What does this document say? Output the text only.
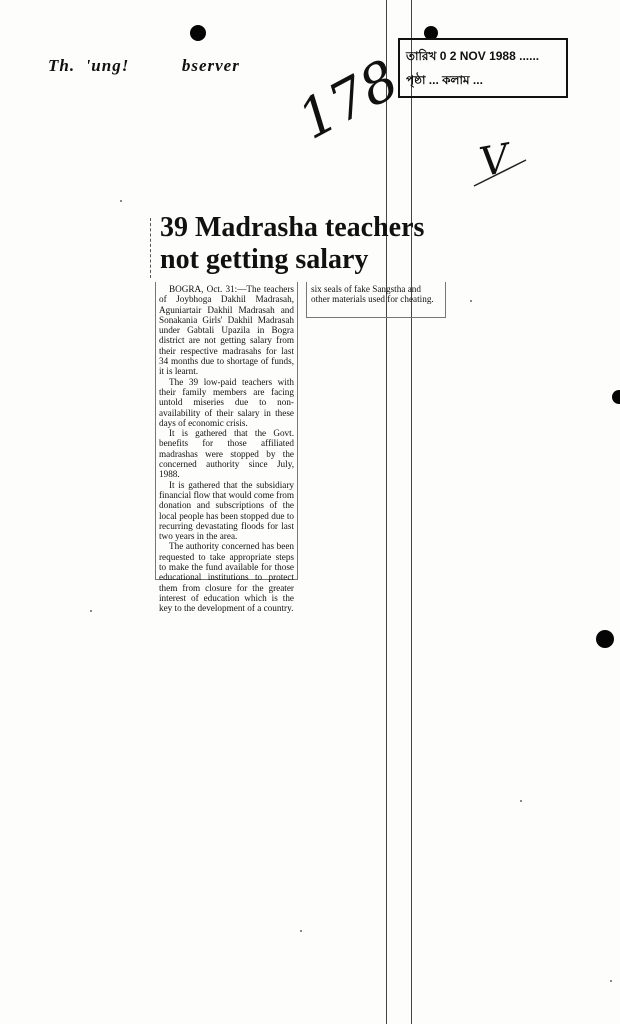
Th.  'ung!          bserver	তারিখ 0 2 NOV 1988 ......
পৃষ্ঠা ... কলাম ...
178
V
39 Madrasha teachers
not getting salary

BOGRA, Oct. 31:—The teachers of Joybhoga Dakhil Madrasah, Aguniartair Dakhil Madrasah and Sonakania Girls' Dakhil Madrasah under Gabtali Upazila in Bogra district are not getting salary from their respective madrasahs for last 34 months due to shortage of funds, it is learnt.

The 39 low-paid teachers with their family members are facing untold miseries due to non-availability of their salary in these days of economic crisis.

It is gathered that the Govt. benefits for those affiliated madrashas were stopped by the concerned authority since July, 1988.

It is gathered that the subsidiary financial flow that would come from donation and subscriptions of the local people has been stopped due to recurring devastating floods for last two years in the area.

The authority concerned has been requested to take appropriate steps to make the fund available for those educational institutions to protect them from closure for the greater interest of education which is the key to the development of a country.

six seals of fake Sangstha and other materials used for cheating.
